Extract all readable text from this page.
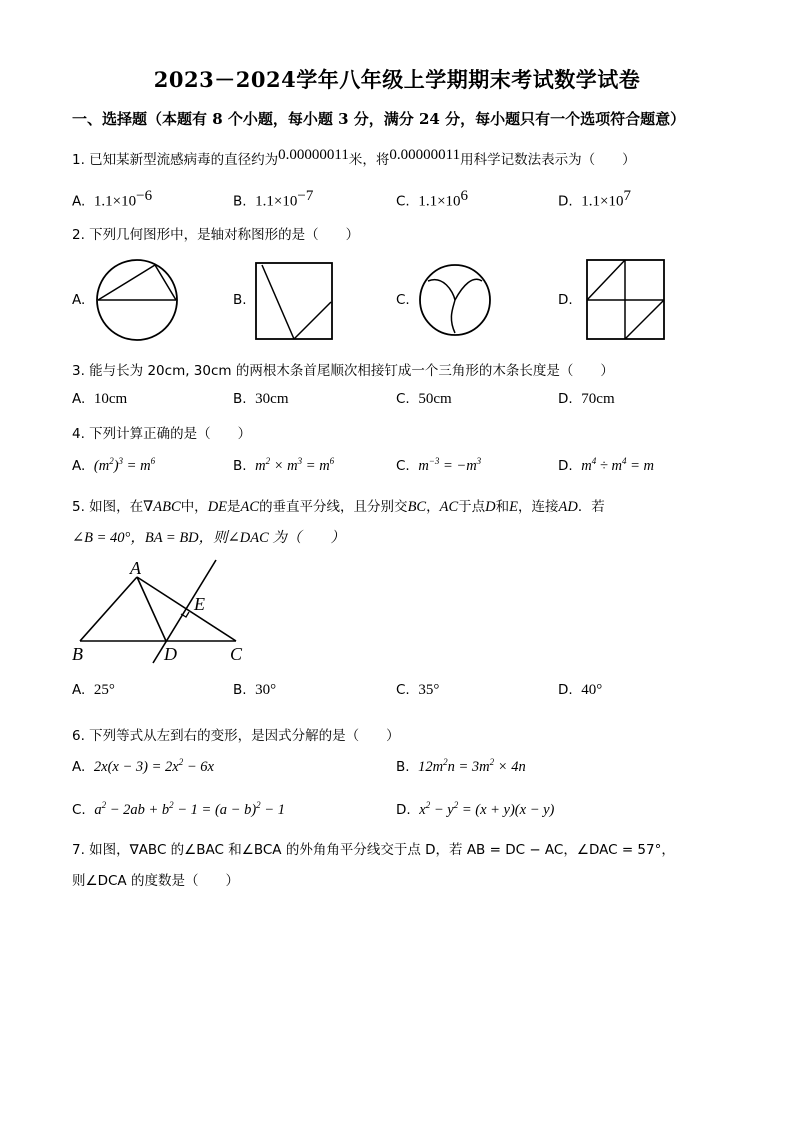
2023－2024学年八年级上学期期末考试数学试卷
一、选择题（本题有 8 个小题，每小题 3 分，满分 24 分，每小题只有一个选项符合题意）
1. 已知某新型流感病毒的直径约为0.00000011米，将0.00000011用科学记数法表示为（　　）
A. $1.1\times 10^{-6}$	B. $1.1\times 10^{-7}$	C. $1.1\times 10^6$	D. $1.1\times 10^7$
2. 下列几何图形中，是轴对称图形的是（　　）
A.	B.	C.	D.
3. 能与长为 20cm, 30cm 的两根木条首尾顺次相接钉成一个三角形的木条长度是（　　）
A. 10cm	B. 30cm	C. 50cm	D. 70cm
4. 下列计算正确的是（　　）
A. $(m^2)^3 = m^6$	B. $m^2 \times m^3 = m^6$	C. $m^{-3} = -m^3$	D. $m^4 \div m^4 = m$
5. 如图，在∇ABC中，DE是AC的垂直平分线，且分别交BC，AC于点D和E，连接AD．若
∠B = 40°，BA = BD，则∠DAC 为（　　）
A
B	C
D
E
A. 25°	B. 30°	C. 35°	D. 40°
6. 下列等式从左到右的变形，是因式分解的是（　　）
A. $2x(x - 3) = 2x^2 - 6x$	B. $12m^2n = 3m^2 \times 4n$
C. $a^2 - 2ab + b^2 - 1 = (a - b)^2 - 1$	D. $x^2 - y^2 = (x + y)(x - y)$
7. 如图，∇ABC 的∠BAC 和∠BCA 的外角角平分线交于点 D，若 AB = DC − AC，∠DAC = 57°，
则∠DCA 的度数是（　　）
